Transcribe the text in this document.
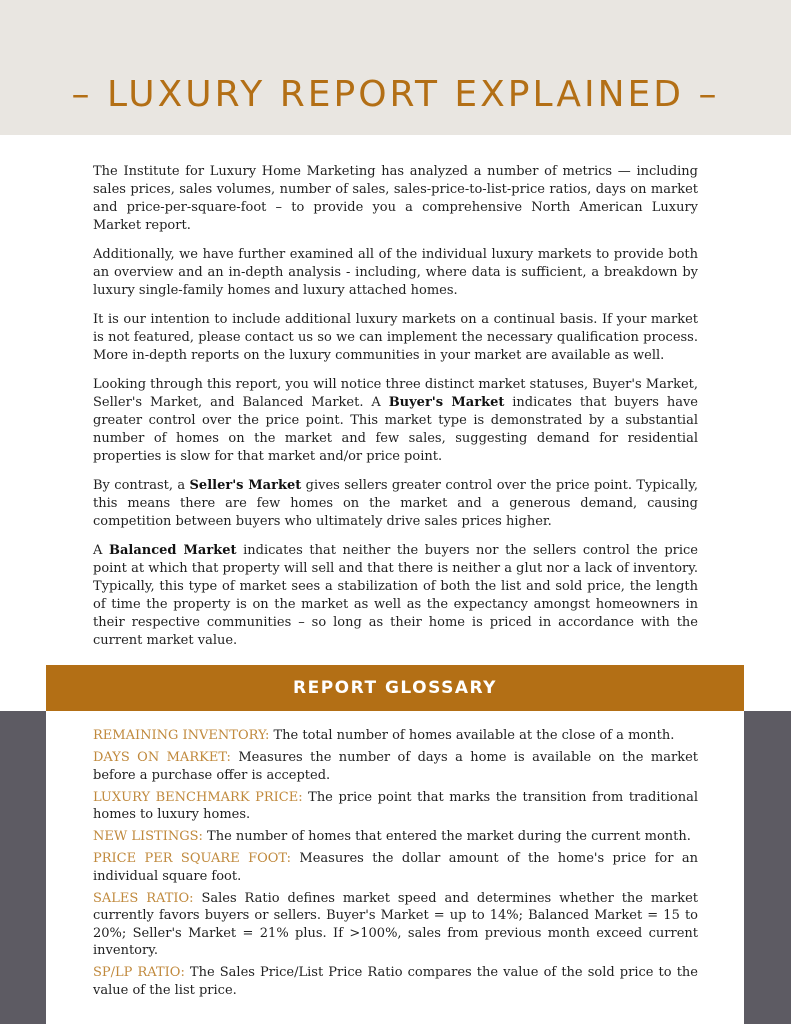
– LUXURY REPORT EXPLAINED –

The Institute for Luxury Home Marketing has analyzed a number of metrics — including sales prices, sales volumes, number of sales, sales-price-to-list-price ratios, days on market and price-per-square-foot – to provide you a comprehensive North American Luxury Market report.

Additionally, we have further examined all of the individual luxury markets to provide both an overview and an in-depth analysis - including, where data is sufficient, a breakdown by luxury single-family homes and luxury attached homes.

It is our intention to include additional luxury markets on a continual basis. If your market is not featured, please contact us so we can implement the necessary qualification process. More in-depth reports on the luxury communities in your market are available as well.

Looking through this report, you will notice three distinct market statuses, Buyer's Market, Seller's Market, and Balanced Market. A Buyer's Market indicates that buyers have greater control over the price point. This market type is demonstrated by a substantial number of homes on the market and few sales, suggesting demand for residential properties is slow for that market and/or price point.

By contrast, a Seller's Market gives sellers greater control over the price point. Typically, this means there are few homes on the market and a generous demand, causing competition between buyers who ultimately drive sales prices higher.

A Balanced Market indicates that neither the buyers nor the sellers control the price point at which that property will sell and that there is neither a glut nor a lack of inventory. Typically, this type of market sees a stabilization of both the list and sold price, the length of time the property is on the market as well as the expectancy amongst homeowners in their respective communities – so long as their home is priced in accordance with the current market value.

REPORT GLOSSARY
REMAINING INVENTORY: The total number of homes available at the close of a month.
DAYS ON MARKET: Measures the number of days a home is available on the market before a purchase offer is accepted.
LUXURY BENCHMARK PRICE: The price point that marks the transition from traditional homes to luxury homes.
NEW LISTINGS: The number of homes that entered the market during the current month.
PRICE PER SQUARE FOOT: Measures the dollar amount of the home's price for an individual square foot.
SALES RATIO: Sales Ratio defines market speed and determines whether the market currently favors buyers or sellers. Buyer's Market = up to 14%; Balanced Market = 15 to 20%; Seller's Market = 21% plus. If >100%, sales from previous month exceed current inventory.
SP/LP RATIO: The Sales Price/List Price Ratio compares the value of the sold price to the value of the list price.
